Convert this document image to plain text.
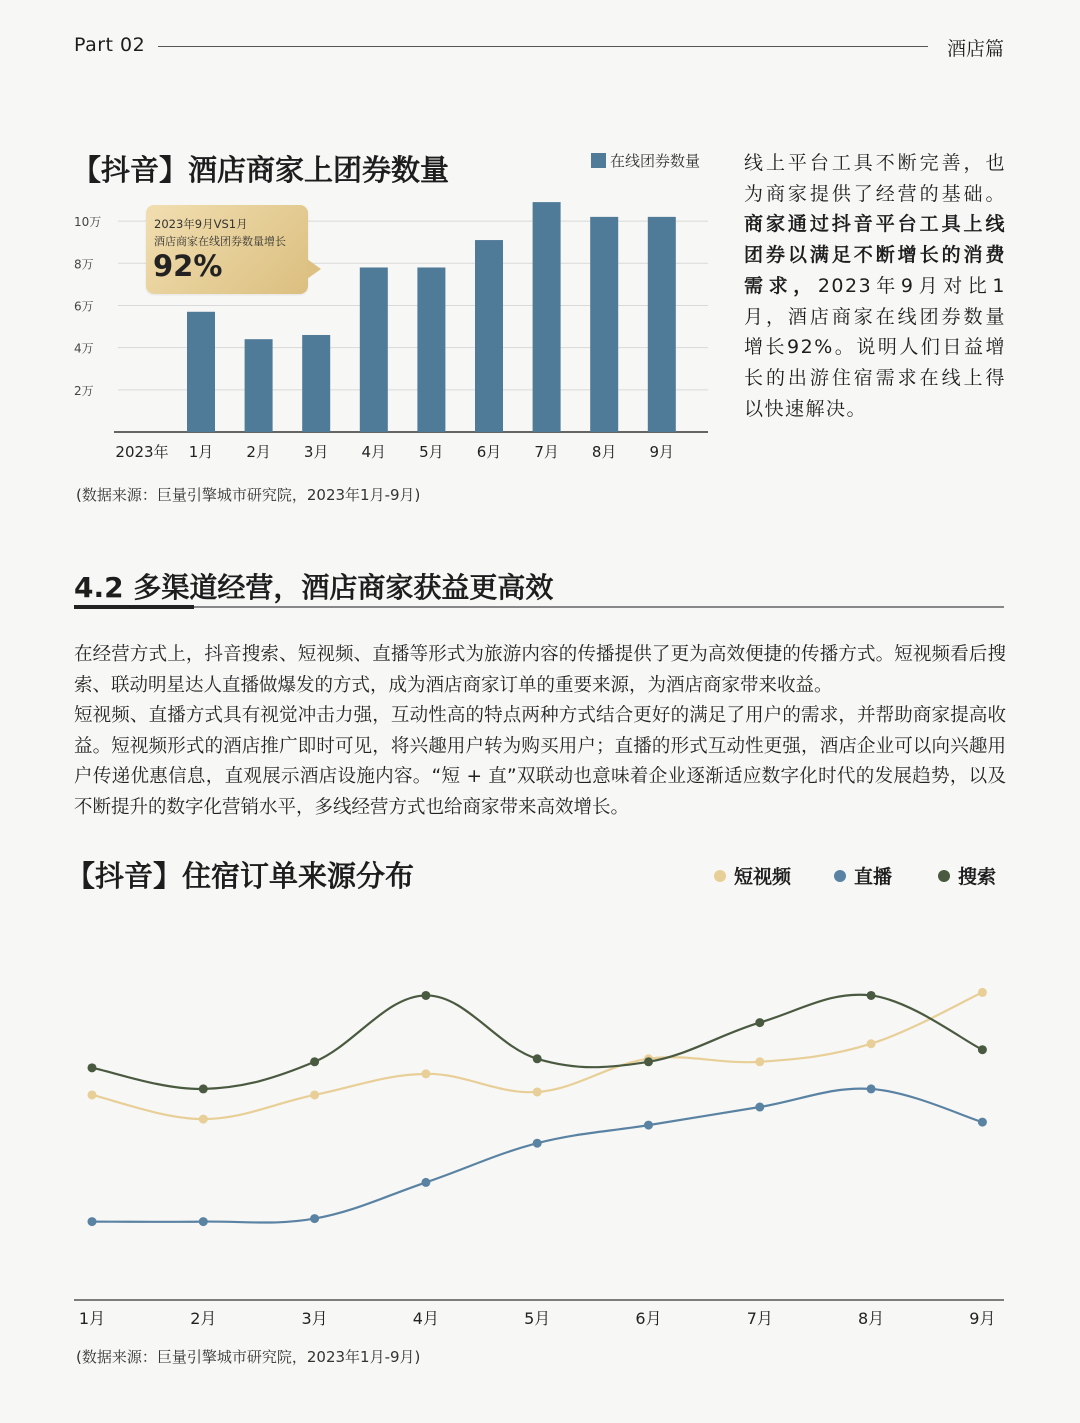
Part 02	酒店篇
【抖音】酒店商家上团券数量	在线团券数量
2万
4万
6万
8万
10万
2023年 1月 2月 3月 4月 5月 6月 7月 8月 9月
2023年9月VS1月
酒店商家在线团券数量增长
92%
线上平台工具不断完善，也为商家提供了经营的基础。商家通过抖音平台工具上线团券以满足不断增长的消费需求，2023年9月对比1月，酒店商家在线团券数量增长92%。说明人们日益增长的出游住宿需求在线上得以快速解决。
(数据来源：巨量引擎城市研究院，2023年1月-9月)
4.2 多渠道经营，酒店商家获益更高效

在经营方式上，抖音搜索、短视频、直播等形式为旅游内容的传播提供了更为高效便捷的传播方式。短视频看后搜索、联动明星达人直播做爆发的方式，成为酒店商家订单的重要来源，为酒店商家带来收益。

短视频、直播方式具有视觉冲击力强，互动性高的特点两种方式结合更好的满足了用户的需求，并帮助商家提高收益。短视频形式的酒店推广即时可见，将兴趣用户转为购买用户；直播的形式互动性更强，酒店企业可以向兴趣用户传递优惠信息，直观展示酒店设施内容。“短 + 直”双联动也意味着企业逐渐适应数字化时代的发展趋势，以及不断提升的数字化营销水平，多线经营方式也给商家带来高效增长。

【抖音】住宿订单来源分布	短视频	直播	搜索
1月	2月	3月	4月	5月	6月	7月	8月	9月
(数据来源：巨量引擎城市研究院，2023年1月-9月)
